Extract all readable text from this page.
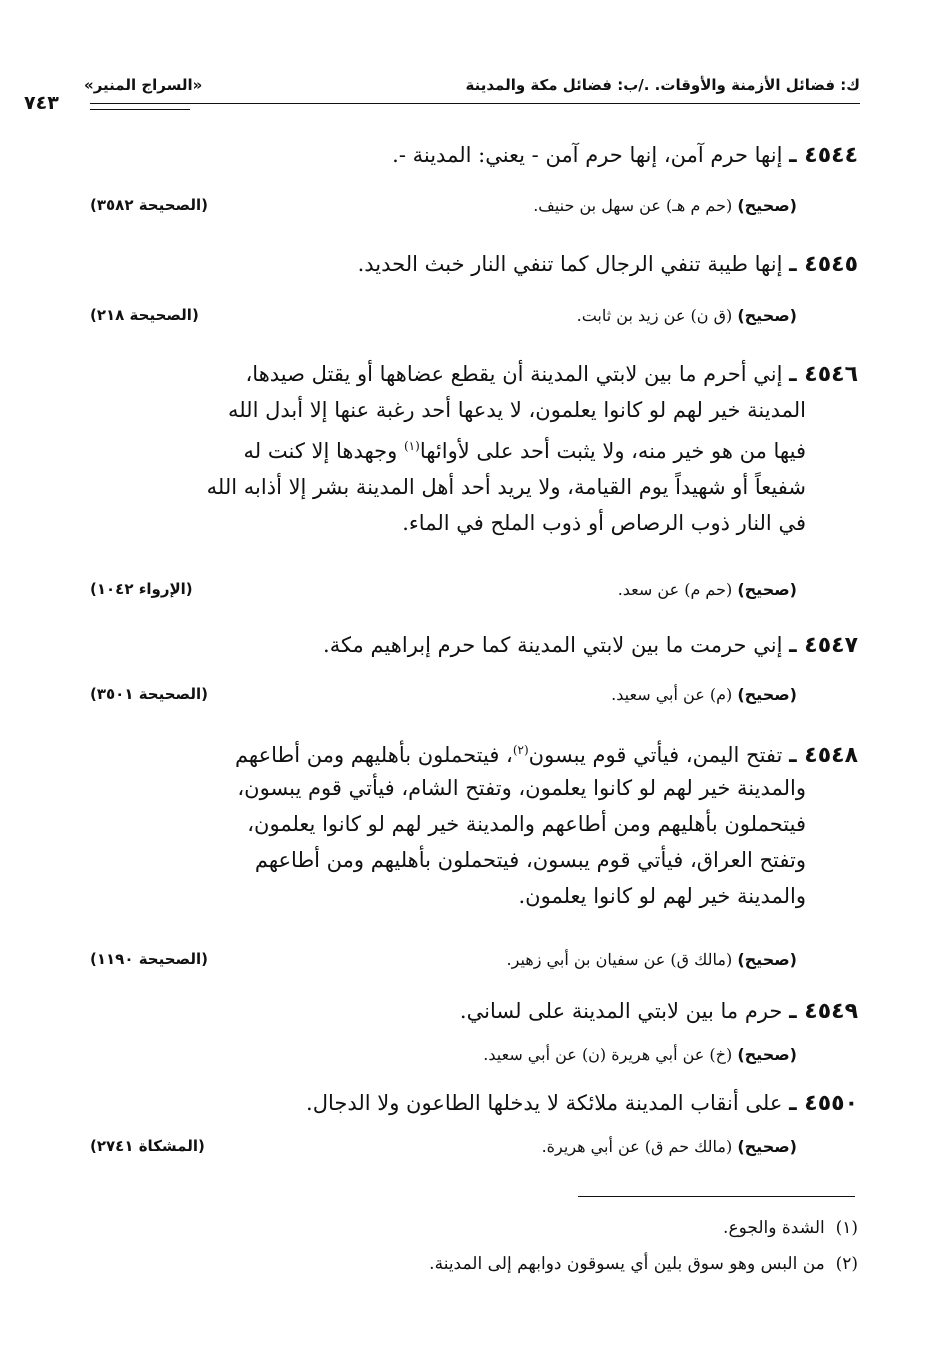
ك: فضائل الأزمنة والأوقات. ./ب: فضائل مكة والمدينة
«السراج المنير»
٧٤٣
٤٥٤٤ ـ إنها حرم آمن، إنها حرم آمن - يعني: المدينة -.
(صحيح) (حم م هـ) عن سهل بن حنيف.
(الصحيحة ٣٥٨٢)
٤٥٤٥ ـ إنها طيبة تنفي الرجال كما تنفي النار خبث الحديد.
(صحيح) (ق ن) عن زيد بن ثابت.
(الصحيحة ٢١٨)
٤٥٤٦ ـ إني أحرم ما بين لابتي المدينة أن يقطع عضاهها أو يقتل صيدها،
المدينة خير لهم لو كانوا يعلمون، لا يدعها أحد رغبة عنها إلا أبدل الله
فيها من هو خير منه، ولا يثبت أحد على لأوائها$^{(١)}$ وجهدها إلا كنت له
شفيعاً أو شهيداً يوم القيامة، ولا يريد أحد أهل المدينة بشر إلا أذابه الله
في النار ذوب الرصاص أو ذوب الملح في الماء.
(صحيح) (حم م) عن سعد.
(الإرواء ١٠٤٢)
٤٥٤٧ ـ إني حرمت ما بين لابتي المدينة كما حرم إبراهيم مكة.
(صحيح) (م) عن أبي سعيد.
(الصحيحة ٣٥٠١)
٤٥٤٨ ـ تفتح اليمن، فيأتي قوم يبسون$^{(٢)}$، فيتحملون بأهليهم ومن أطاعهم
والمدينة خير لهم لو كانوا يعلمون، وتفتح الشام، فيأتي قوم يبسون،
فيتحملون بأهليهم ومن أطاعهم والمدينة خير لهم لو كانوا يعلمون،
وتفتح العراق، فيأتي قوم يبسون، فيتحملون بأهليهم ومن أطاعهم
والمدينة خير لهم لو كانوا يعلمون.
(صحيح) (مالك ق) عن سفيان بن أبي زهير.
(الصحيحة ١١٩٠)
٤٥٤٩ ـ حرم ما بين لابتي المدينة على لساني.
(صحيح) (خ) عن أبي هريرة (ن) عن أبي سعيد.
٤٥٥٠ ـ على أنقاب المدينة ملائكة لا يدخلها الطاعون ولا الدجال.
(صحيح) (مالك حم ق) عن أبي هريرة.
(المشكاة ٢٧٤١)
(١)  الشدة والجوع.
(٢)  من البس وهو سوق بلين أي يسوقون دوابهم إلى المدينة.
